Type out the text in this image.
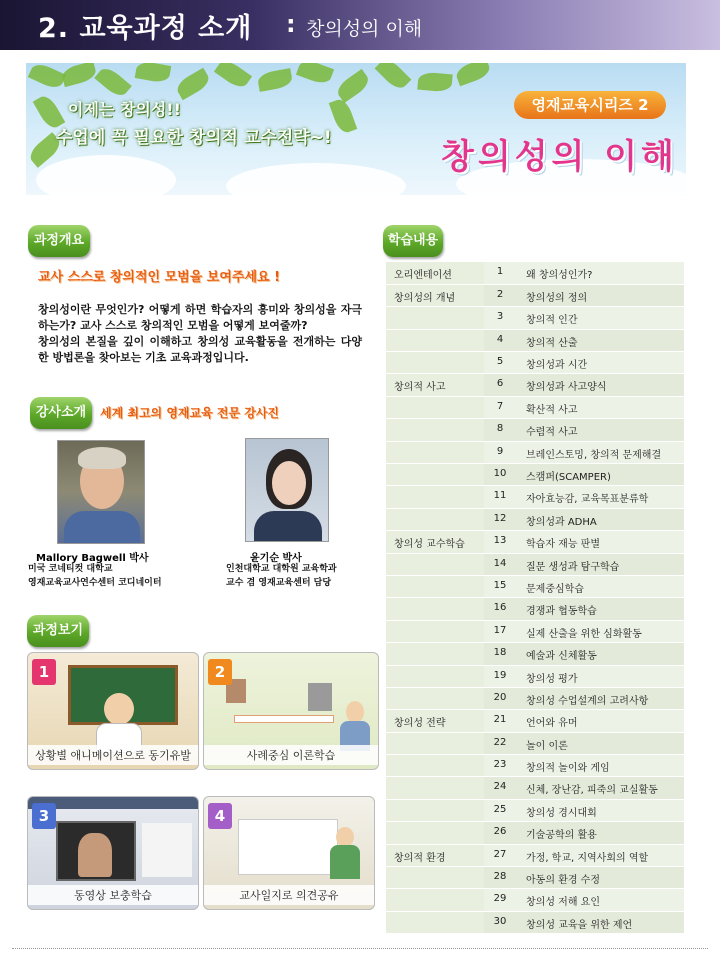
2. 교육과정 소개 : 창의성의 이해
이제는 창의성!!
수업에 꼭 필요한 창의적 교수전략~!
영재교육시리즈 2
창의성의 이해
과정개요
교사 스스로 창의적인 모범을 보여주세요 !

창의성이란 무엇인가? 어떻게 하면 학습자의 흥미와 창의성을 자극하는가? 교사 스스로 창의적인 모범을 어떻게 보여줄까?

창의성의 본질을 깊이 이해하고 창의성 교육활동을 전개하는 다양한 방법론을 찾아보는 기초 교육과정입니다.

강사소개	세계 최고의 영재교육 전문 강사진
Mallory Bagwell 박사
미국 코네티컷 대학교
영재교육교사연수센터 코디네이터
윤기순 박사
인천대학교 대학원 교육학과
교수 겸 영재교육센터 담당
과정보기
1
상황별 애니메이션으로 동기유발
2
사례중심 이론학습
3
동영상 보충학습
4
교사일지로 의견공유
학습내용
오리엔테이션	1	왜 창의성인가?
창의성의 개념	2	창의성의 정의
	3	창의적 인간
	4	창의적 산출
	5	창의성과 시간
창의적 사고	6	창의성과 사고양식
	7	확산적 사고
	8	수렴적 사고
	9	브레인스토밍, 창의적 문제해결
	10	스캠퍼(SCAMPER)
	11	자아효능감, 교육목표분류학
	12	창의성과 ADHA
창의성 교수학습	13	학습자 재능 판별
	14	질문 생성과 탐구학습
	15	문제중심학습
	16	경쟁과 협동학습
	17	실제 산출을 위한 심화활동
	18	예술과 신체활동
	19	창의성 평가
	20	창의성 수업설계의 고려사항
창의성 전략	21	언어와 유머
	22	놀이 이론
	23	창의적 놀이와 게임
	24	신체, 장난감, 피죽의 교실활동
	25	창의성 경시대회
	26	기술공학의 활용
창의적 환경	27	가정, 학교, 지역사회의 역할
	28	아동의 환경 수정
	29	창의성 저해 요인
	30	창의성 교육을 위한 제언
